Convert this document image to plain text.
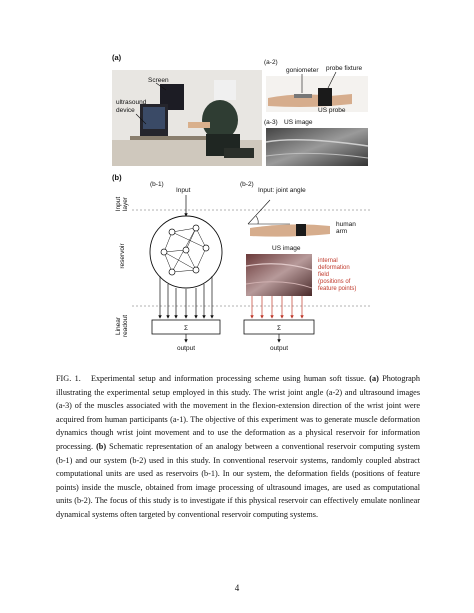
(a)
Screen
ultrasound
device
(a-2)
goniometer probe fixture
US probe
(a-3) US image
(b)
(b-1)	(b-2)
Input layer
reservoir
Linear readout
Input
Σ
output
Input: joint angle
human
arm
US image
internal
deformation
field
(positions of
feature points)
Σ
output
FIG. 1. Experimental setup and information processing scheme using human soft tissue. (a) Photograph illustrating the experimental setup employed in this study. The wrist joint angle (a-2) and ultrasound images (a-3) of the muscles associated with the movement in the flexion-extension direction of the wrist joint were acquired from human participants (a-1). The objective of this experiment was to generate muscle deformation dynamics though wrist joint movement and to use the deformation as a physical reservoir for information processing. (b) Schematic representation of an analogy between a conventional reservoir computing system (b-1) and our system (b-2) used in this study. In conventional reservoir systems, randomly coupled abstract computational units are used as reservoirs (b-1). In our system, the deformation fields (positions of feature points) inside the muscle, obtained from image processing of ultrasound images, are used as computational units (b-2). The focus of this study is to investigate if this physical reservoir can effectively emulate nonlinear dynamical systems often targeted by conventional reservoir computing systems.
4
